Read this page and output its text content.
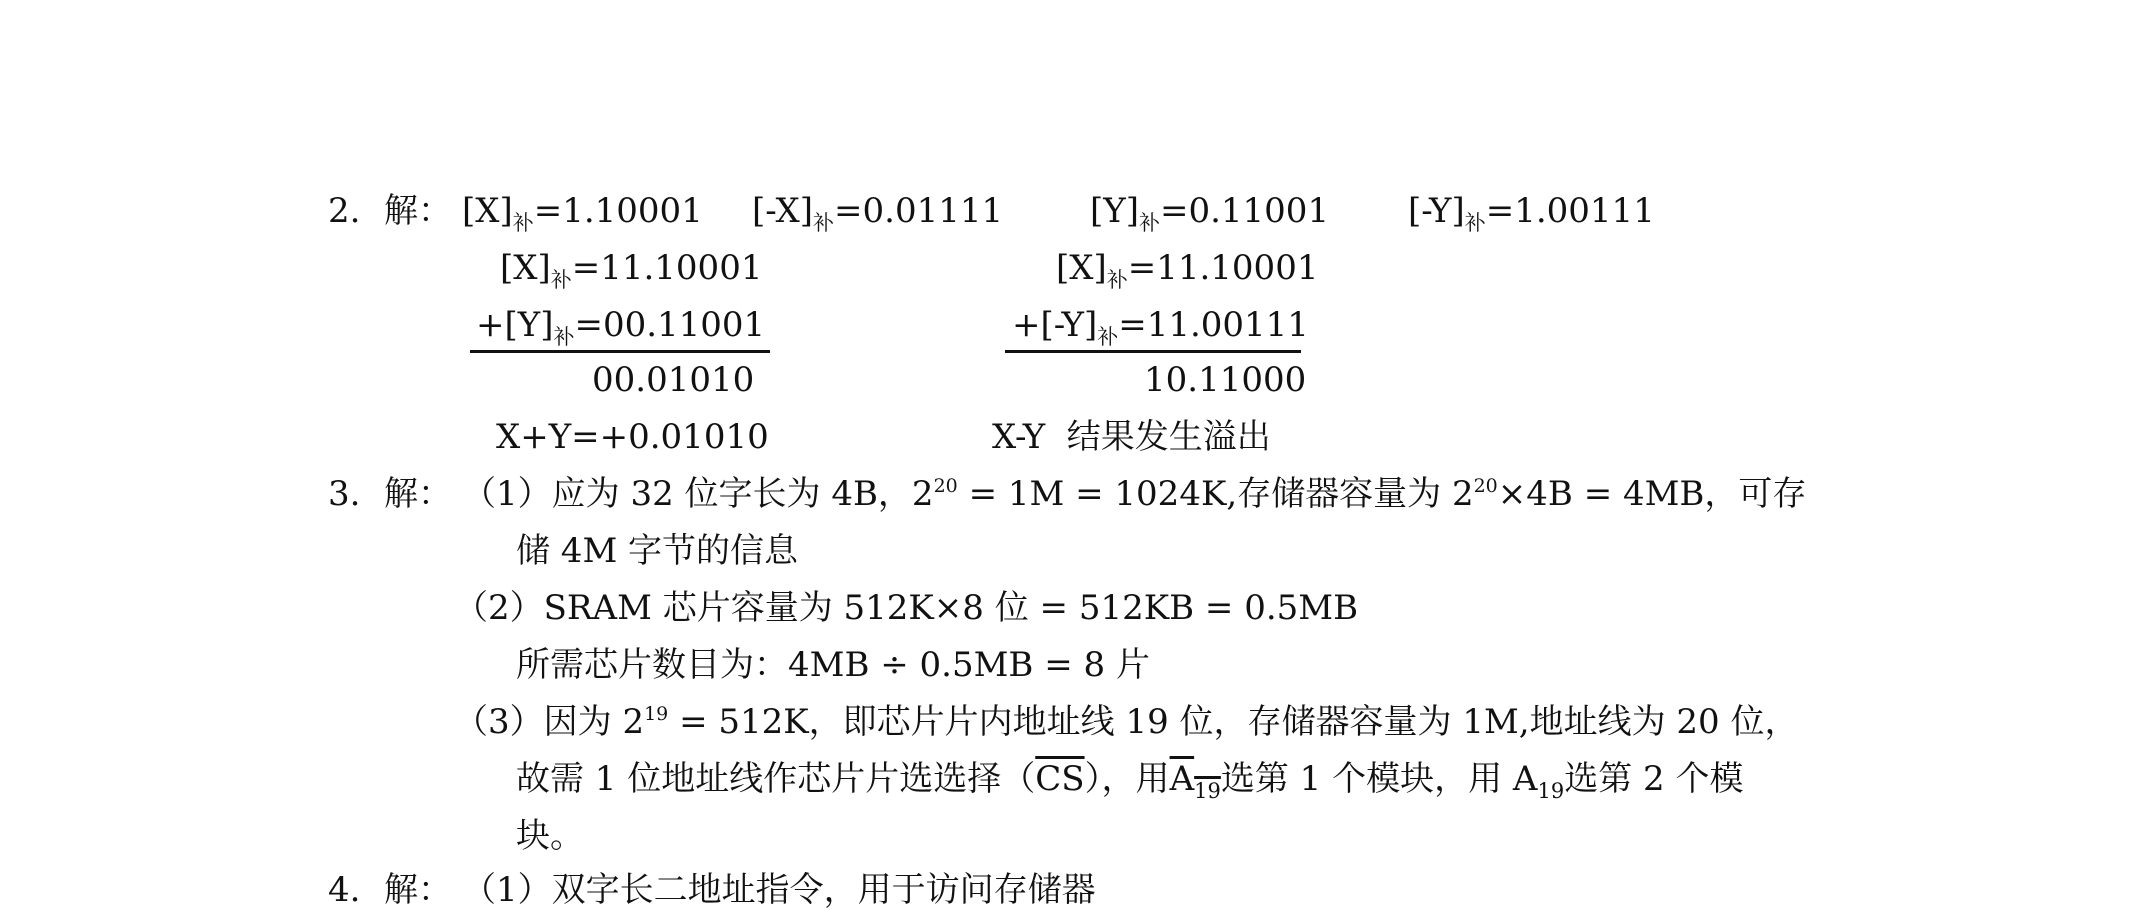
2. 解： $[X]_补=1.10001$ $[-X]_补=0.01111$	$[Y]_补=0.11001$ $[-Y]_补=1.00111$
$[X]_补=11.10001$
$+[Y]_补=00.11001$
00.01010
X+Y=+0.01010
$[X]_补=11.10001$
$+[-Y]_补=11.00111$
10.11000
X-Y  结果发生溢出
3. 解： （1）应为 32 位字长为 4B，$2^{20} = 1M = 1024K$,存储器容量为 $2^{20}\times 4B = 4MB$，可存
储 4M 字节的信息
（2）SRAM 芯片容量为 512K×8 位 = 512KB = 0.5MB
所需芯片数目为：4MB ÷ 0.5MB = 8 片
（3）因为 $2^{19} = 512K$，即芯片片内地址线 19 位，存储器容量为 1M,地址线为 20 位，
故需 1 位地址线作芯片片选选择$(\overline{CS})$，用$A_{19}$选第 1 个模块，用 $A_{19}$选第 2 个模
块。
4. 解： （1）双字长二地址指令，用于访问存储器
